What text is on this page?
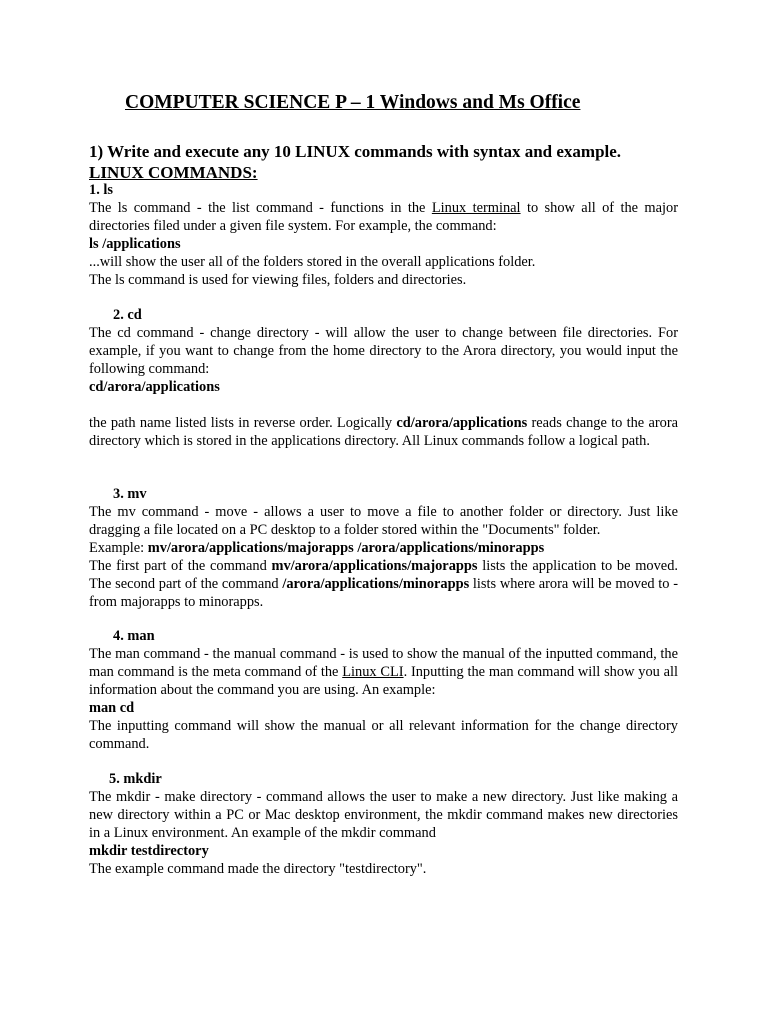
COMPUTER SCIENCE P – 1 Windows and Ms Office
1) Write and execute any 10 LINUX commands with syntax and example.
LINUX COMMANDS:
1. ls
The ls command - the list command - functions in the Linux terminal to show all of the major directories filed under a given file system. For example, the command:
ls /applications
...will show the user all of the folders stored in the overall applications folder.
The ls command is used for viewing files, folders and directories.
2. cd
The cd command - change directory - will allow the user to change between file directories. For example, if you want to change from the home directory to the Arora directory, you would input the following command:
cd/arora/applications
the path name listed lists in reverse order. Logically cd/arora/applications reads change to the arora directory which is stored in the applications directory. All Linux commands follow a logical path.
3. mv
The mv command - move - allows a user to move a file to another folder or directory. Just like dragging a file located on a PC desktop to a folder stored within the "Documents" folder.
Example: mv/arora/applications/majorapps /arora/applications/minorapps
The first part of the command mv/arora/applications/majorapps lists the application to be moved. The second part of the command /arora/applications/minorapps lists where arora will be moved to - from majorapps to minorapps.
4. man
The man command - the manual command - is used to show the manual of the inputted command, the man command is the meta command of the Linux CLI. Inputting the man command will show you all information about the command you are using. An example:
man cd
The inputting command will show the manual or all relevant information for the change directory command.
5. mkdir
The mkdir - make directory - command allows the user to make a new directory. Just like making a new directory within a PC or Mac desktop environment, the mkdir command makes new directories in a Linux environment. An example of the mkdir command
mkdir testdirectory
The example command made the directory "testdirectory".
